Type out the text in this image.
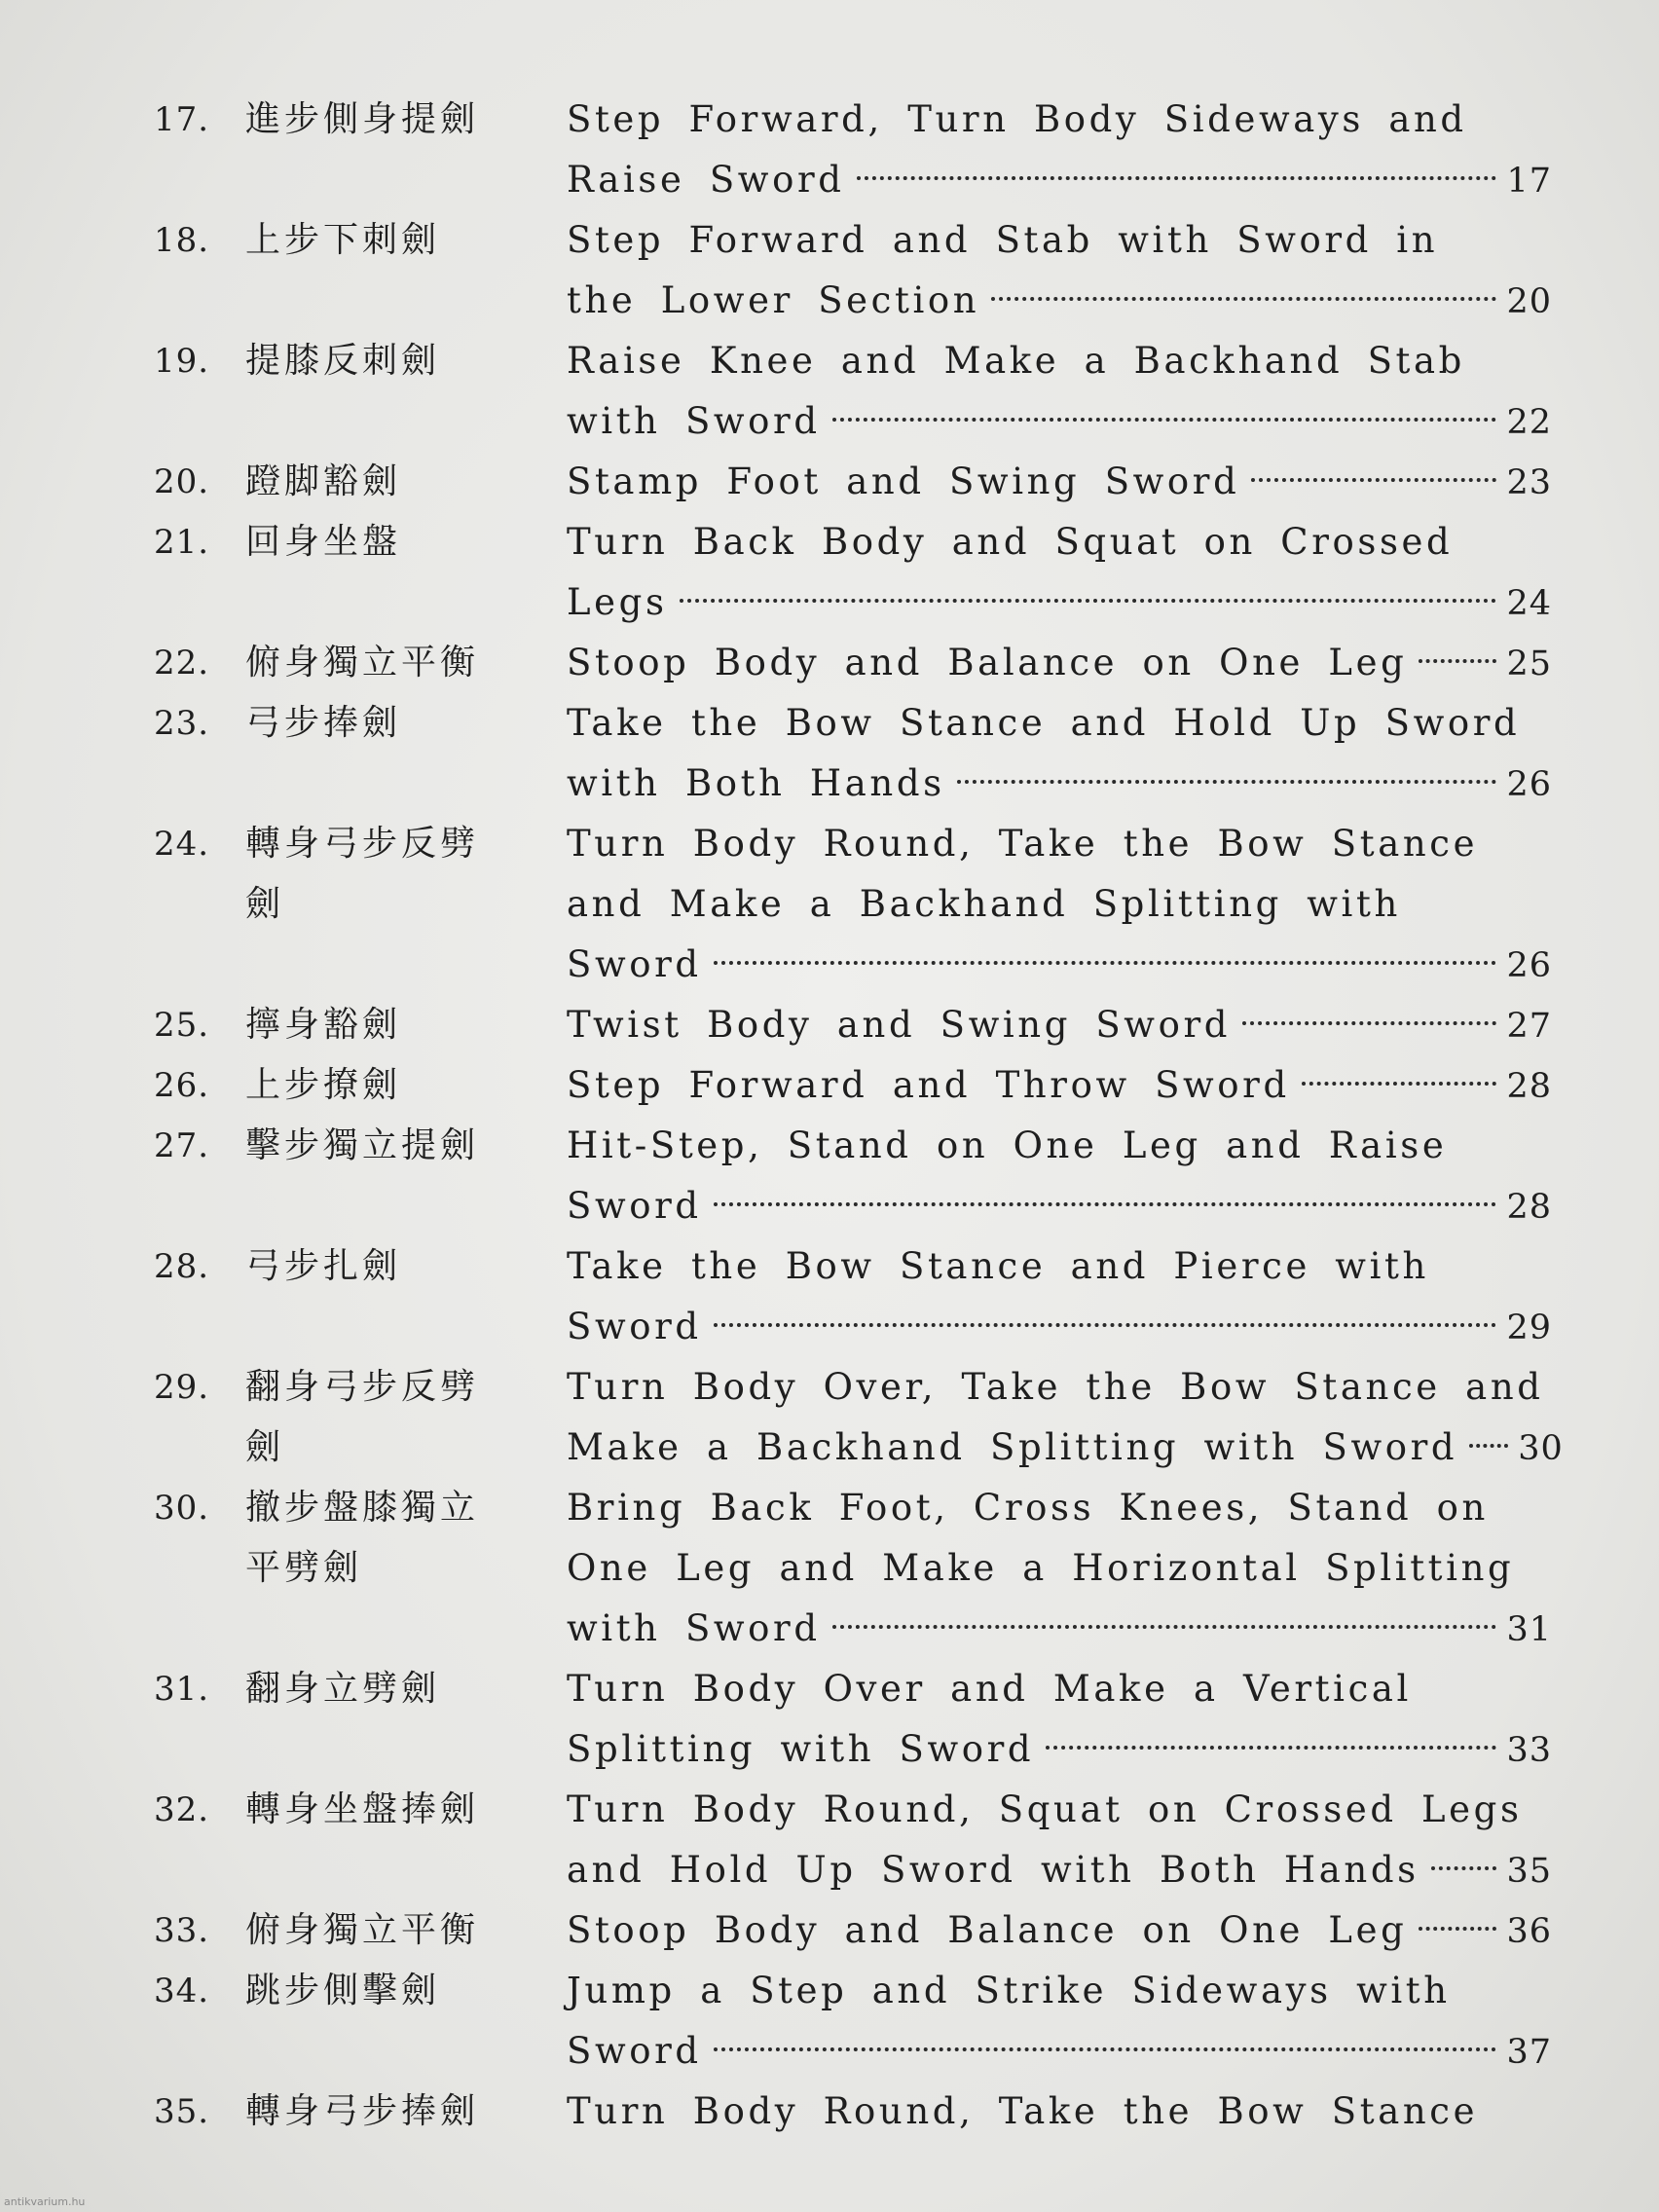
17.	進步側身提劍	Step Forward, Turn Body Sideways and
Raise Sword	17
18.	上步下刺劍	Step Forward and Stab with Sword in
the Lower Section	20
19.	提膝反刺劍	Raise Knee and Make a Backhand Stab
with Sword	22
20.	蹬脚豁劍	Stamp Foot and Swing Sword	23
21.	回身坐盤	Turn Back Body and Squat on Crossed
Legs	24
22.	俯身獨立平衡	Stoop Body and Balance on One Leg	25
23.	弓步捧劍	Take the Bow Stance and Hold Up Sword
with Both Hands	26
24.	轉身弓步反劈	Turn Body Round, Take the Bow Stance
劍	and Make a Backhand Splitting with
Sword	26
25.	擰身豁劍	Twist Body and Swing Sword	27
26.	上步撩劍	Step Forward and Throw Sword	28
27.	擊步獨立提劍	Hit-Step, Stand on One Leg and Raise
Sword	28
28.	弓步扎劍	Take the Bow Stance and Pierce with
Sword	29
29.	翻身弓步反劈	Turn Body Over, Take the Bow Stance and
劍	Make a Backhand Splitting with Sword 30
30.	撤步盤膝獨立	Bring Back Foot, Cross Knees, Stand on
平劈劍	One Leg and Make a Horizontal Splitting
with Sword	31
31.	翻身立劈劍	Turn Body Over and Make a Vertical
Splitting with Sword	33
32.	轉身坐盤捧劍	Turn Body Round, Squat on Crossed Legs
and Hold Up Sword with Both Hands	35
33.	俯身獨立平衡	Stoop Body and Balance on One Leg	36
34.	跳步側擊劍	Jump a Step and Strike Sideways with
Sword	37
35.	轉身弓步捧劍	Turn Body Round, Take the Bow Stance
antikvarium.hu
